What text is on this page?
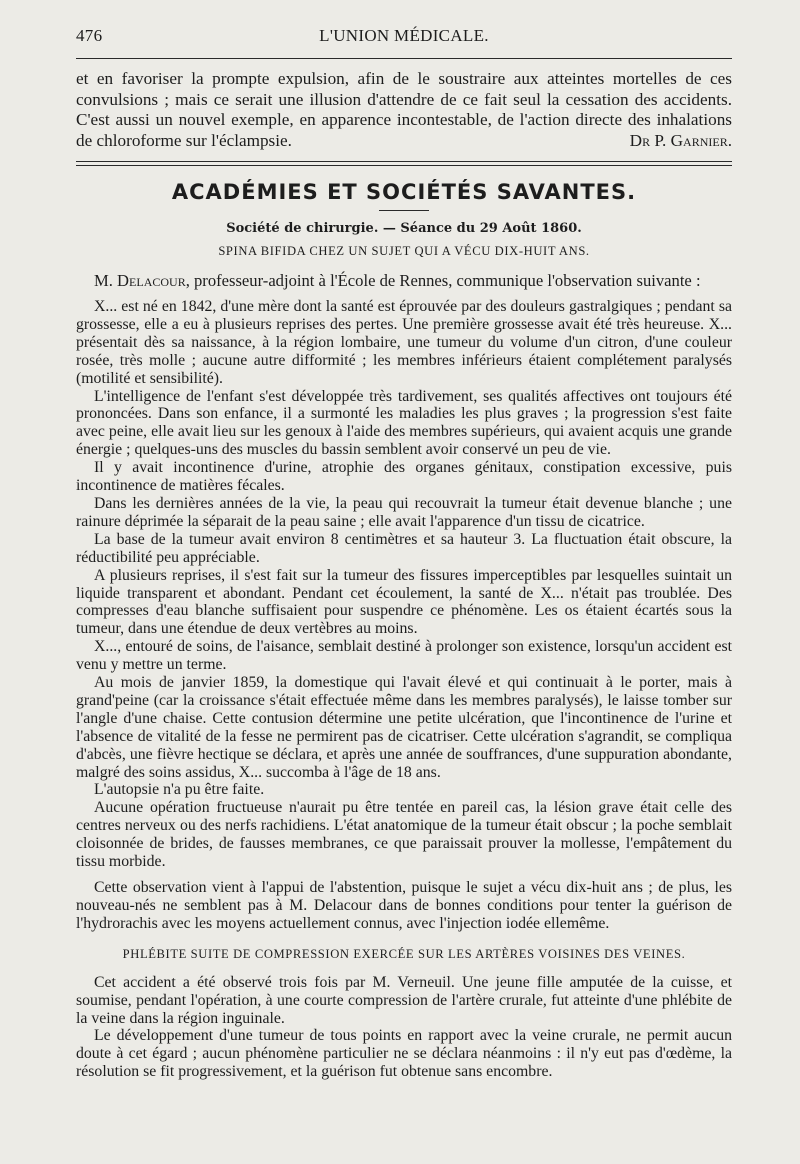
476	L'UNION MÉDICALE.

et en favoriser la prompte expulsion, afin de le soustraire aux atteintes mortelles de ces convulsions ; mais ce serait une illusion d'attendre de ce fait seul la cessation des accidents. C'est aussi un nouvel exemple, en apparence incontestable, de l'action directe des inhalations de chloroforme sur l'éclampsie.	Dr P. Garnier.

ACADÉMIES ET SOCIÉTÉS SAVANTES.
Société de chirurgie. — Séance du 29 Août 1860.
SPINA BIFIDA CHEZ UN SUJET QUI A VÉCU DIX-HUIT ANS.

M. Delacour, professeur-adjoint à l'École de Rennes, communique l'observation suivante :

X... est né en 1842, d'une mère dont la santé est éprouvée par des douleurs gastralgiques ; pendant sa grossesse, elle a eu à plusieurs reprises des pertes. Une première grossesse avait été très heureuse. X... présentait dès sa naissance, à la région lombaire, une tumeur du volume d'un citron, d'une couleur rosée, très molle ; aucune autre difformité ; les membres inférieurs étaient complétement paralysés (motilité et sensibilité).

L'intelligence de l'enfant s'est développée très tardivement, ses qualités affectives ont toujours été prononcées. Dans son enfance, il a surmonté les maladies les plus graves ; la progression s'est faite avec peine, elle avait lieu sur les genoux à l'aide des membres supérieurs, qui avaient acquis une grande énergie ; quelques-uns des muscles du bassin semblent avoir conservé un peu de vie.

Il y avait incontinence d'urine, atrophie des organes génitaux, constipation excessive, puis incontinence de matières fécales.

Dans les dernières années de la vie, la peau qui recouvrait la tumeur était devenue blanche ; une rainure déprimée la séparait de la peau saine ; elle avait l'apparence d'un tissu de cicatrice.

La base de la tumeur avait environ 8 centimètres et sa hauteur 3. La fluctuation était obscure, la réductibilité peu appréciable.

A plusieurs reprises, il s'est fait sur la tumeur des fissures imperceptibles par lesquelles suintait un liquide transparent et abondant. Pendant cet écoulement, la santé de X... n'était pas troublée. Des compresses d'eau blanche suffisaient pour suspendre ce phénomène. Les os étaient écartés sous la tumeur, dans une étendue de deux vertèbres au moins.

X..., entouré de soins, de l'aisance, semblait destiné à prolonger son existence, lorsqu'un accident est venu y mettre un terme.

Au mois de janvier 1859, la domestique qui l'avait élevé et qui continuait à le porter, mais à grand'peine (car la croissance s'était effectuée même dans les membres paralysés), le laisse tomber sur l'angle d'une chaise. Cette contusion détermine une petite ulcération, que l'incontinence de l'urine et l'absence de vitalité de la fesse ne permirent pas de cicatriser. Cette ulcération s'agrandit, se compliqua d'abcès, une fièvre hectique se déclara, et après une année de souffrances, d'une suppuration abondante, malgré des soins assidus, X... succomba à l'âge de 18 ans.

L'autopsie n'a pu être faite.

Aucune opération fructueuse n'aurait pu être tentée en pareil cas, la lésion grave était celle des centres nerveux ou des nerfs rachidiens. L'état anatomique de la tumeur était obscur ; la poche semblait cloisonnée de brides, de fausses membranes, ce que paraissait prouver la mollesse, l'empâtement du tissu morbide.

Cette observation vient à l'appui de l'abstention, puisque le sujet a vécu dix-huit ans ; de plus, les nouveau-nés ne semblent pas à M. Delacour dans de bonnes conditions pour tenter la guérison de l'hydrorachis avec les moyens actuellement connus, avec l'injection iodée ellemême.

PHLÉBITE SUITE DE COMPRESSION EXERCÉE SUR LES ARTÈRES VOISINES DES VEINES.

Cet accident a été observé trois fois par M. Verneuil. Une jeune fille amputée de la cuisse, et soumise, pendant l'opération, à une courte compression de l'artère crurale, fut atteinte d'une phlébite de la veine dans la région inguinale.

Le développement d'une tumeur de tous points en rapport avec la veine crurale, ne permit aucun doute à cet égard ; aucun phénomène particulier ne se déclara néanmoins : il n'y eut pas d'œdème, la résolution se fit progressivement, et la guérison fut obtenue sans encombre.
